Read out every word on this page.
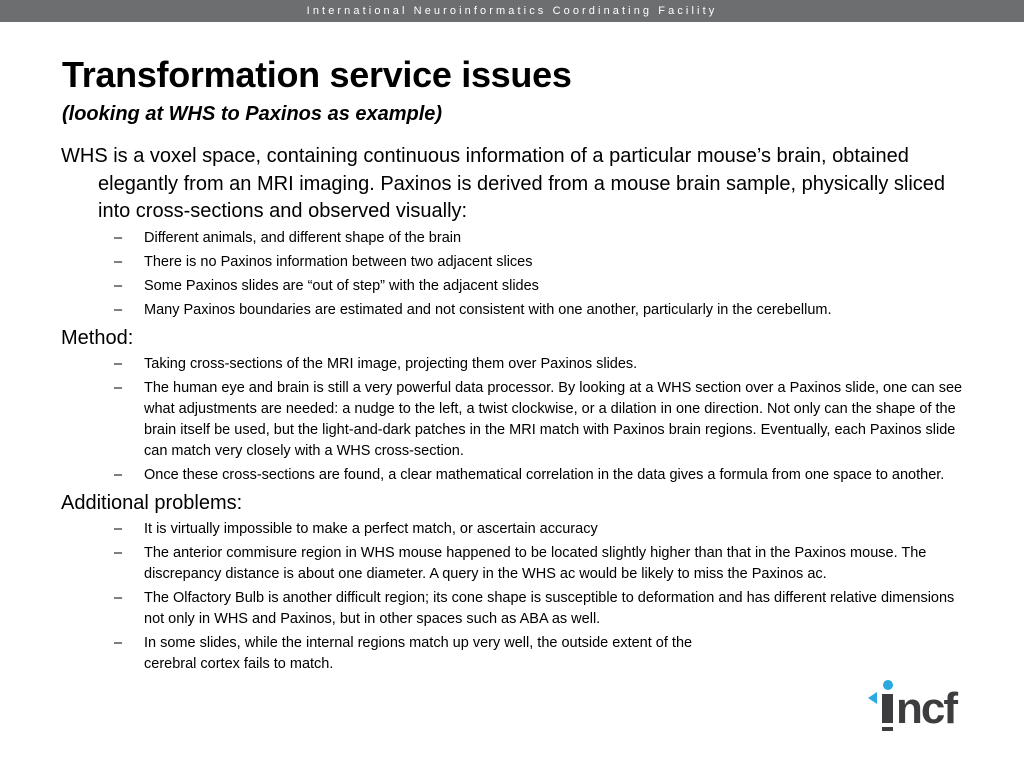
International Neuroinformatics Coordinating Facility
Transformation service issues
(looking at WHS to Paxinos as example)

WHS is a voxel space, containing continuous information of a particular mouse’s brain, obtained elegantly from an MRI imaging. Paxinos is derived from a mouse brain sample, physically sliced into cross-sections and observed visually:

– Different animals, and different shape of the brain
– There is no Paxinos information between two adjacent slices
– Some Paxinos slides are “out of step” with the adjacent slides
– Many Paxinos boundaries are estimated and not consistent with one another, particularly in the cerebellum.

Method:

– Taking cross-sections of the MRI image, projecting them over Paxinos slides.
– The human eye and brain is still a very powerful data processor. By looking at a WHS section over a Paxinos slide, one can see what adjustments are needed: a nudge to the left, a twist clockwise, or a dilation in one direction. Not only can the shape of the brain itself be used, but the light-and-dark patches in the MRI match with Paxinos brain regions. Eventually, each Paxinos slide can match very closely with a WHS cross-section.
– Once these cross-sections are found, a clear mathematical correlation in the data gives a formula from one space to another.

Additional problems:

– It is virtually impossible to make a perfect match, or ascertain accuracy
– The anterior commisure region in WHS mouse happened to be located slightly higher than that in the Paxinos mouse. The discrepancy distance is about one diameter. A query in the WHS ac would be likely to miss the Paxinos ac.
– The Olfactory Bulb is another difficult region; its cone shape is susceptible to deformation and has different relative dimensions not only in WHS and Paxinos, but in other spaces such as ABA as well.
– In some slides, while the internal regions match up very well, the outside extent of the
cerebral cortex fails to match.
ncf
